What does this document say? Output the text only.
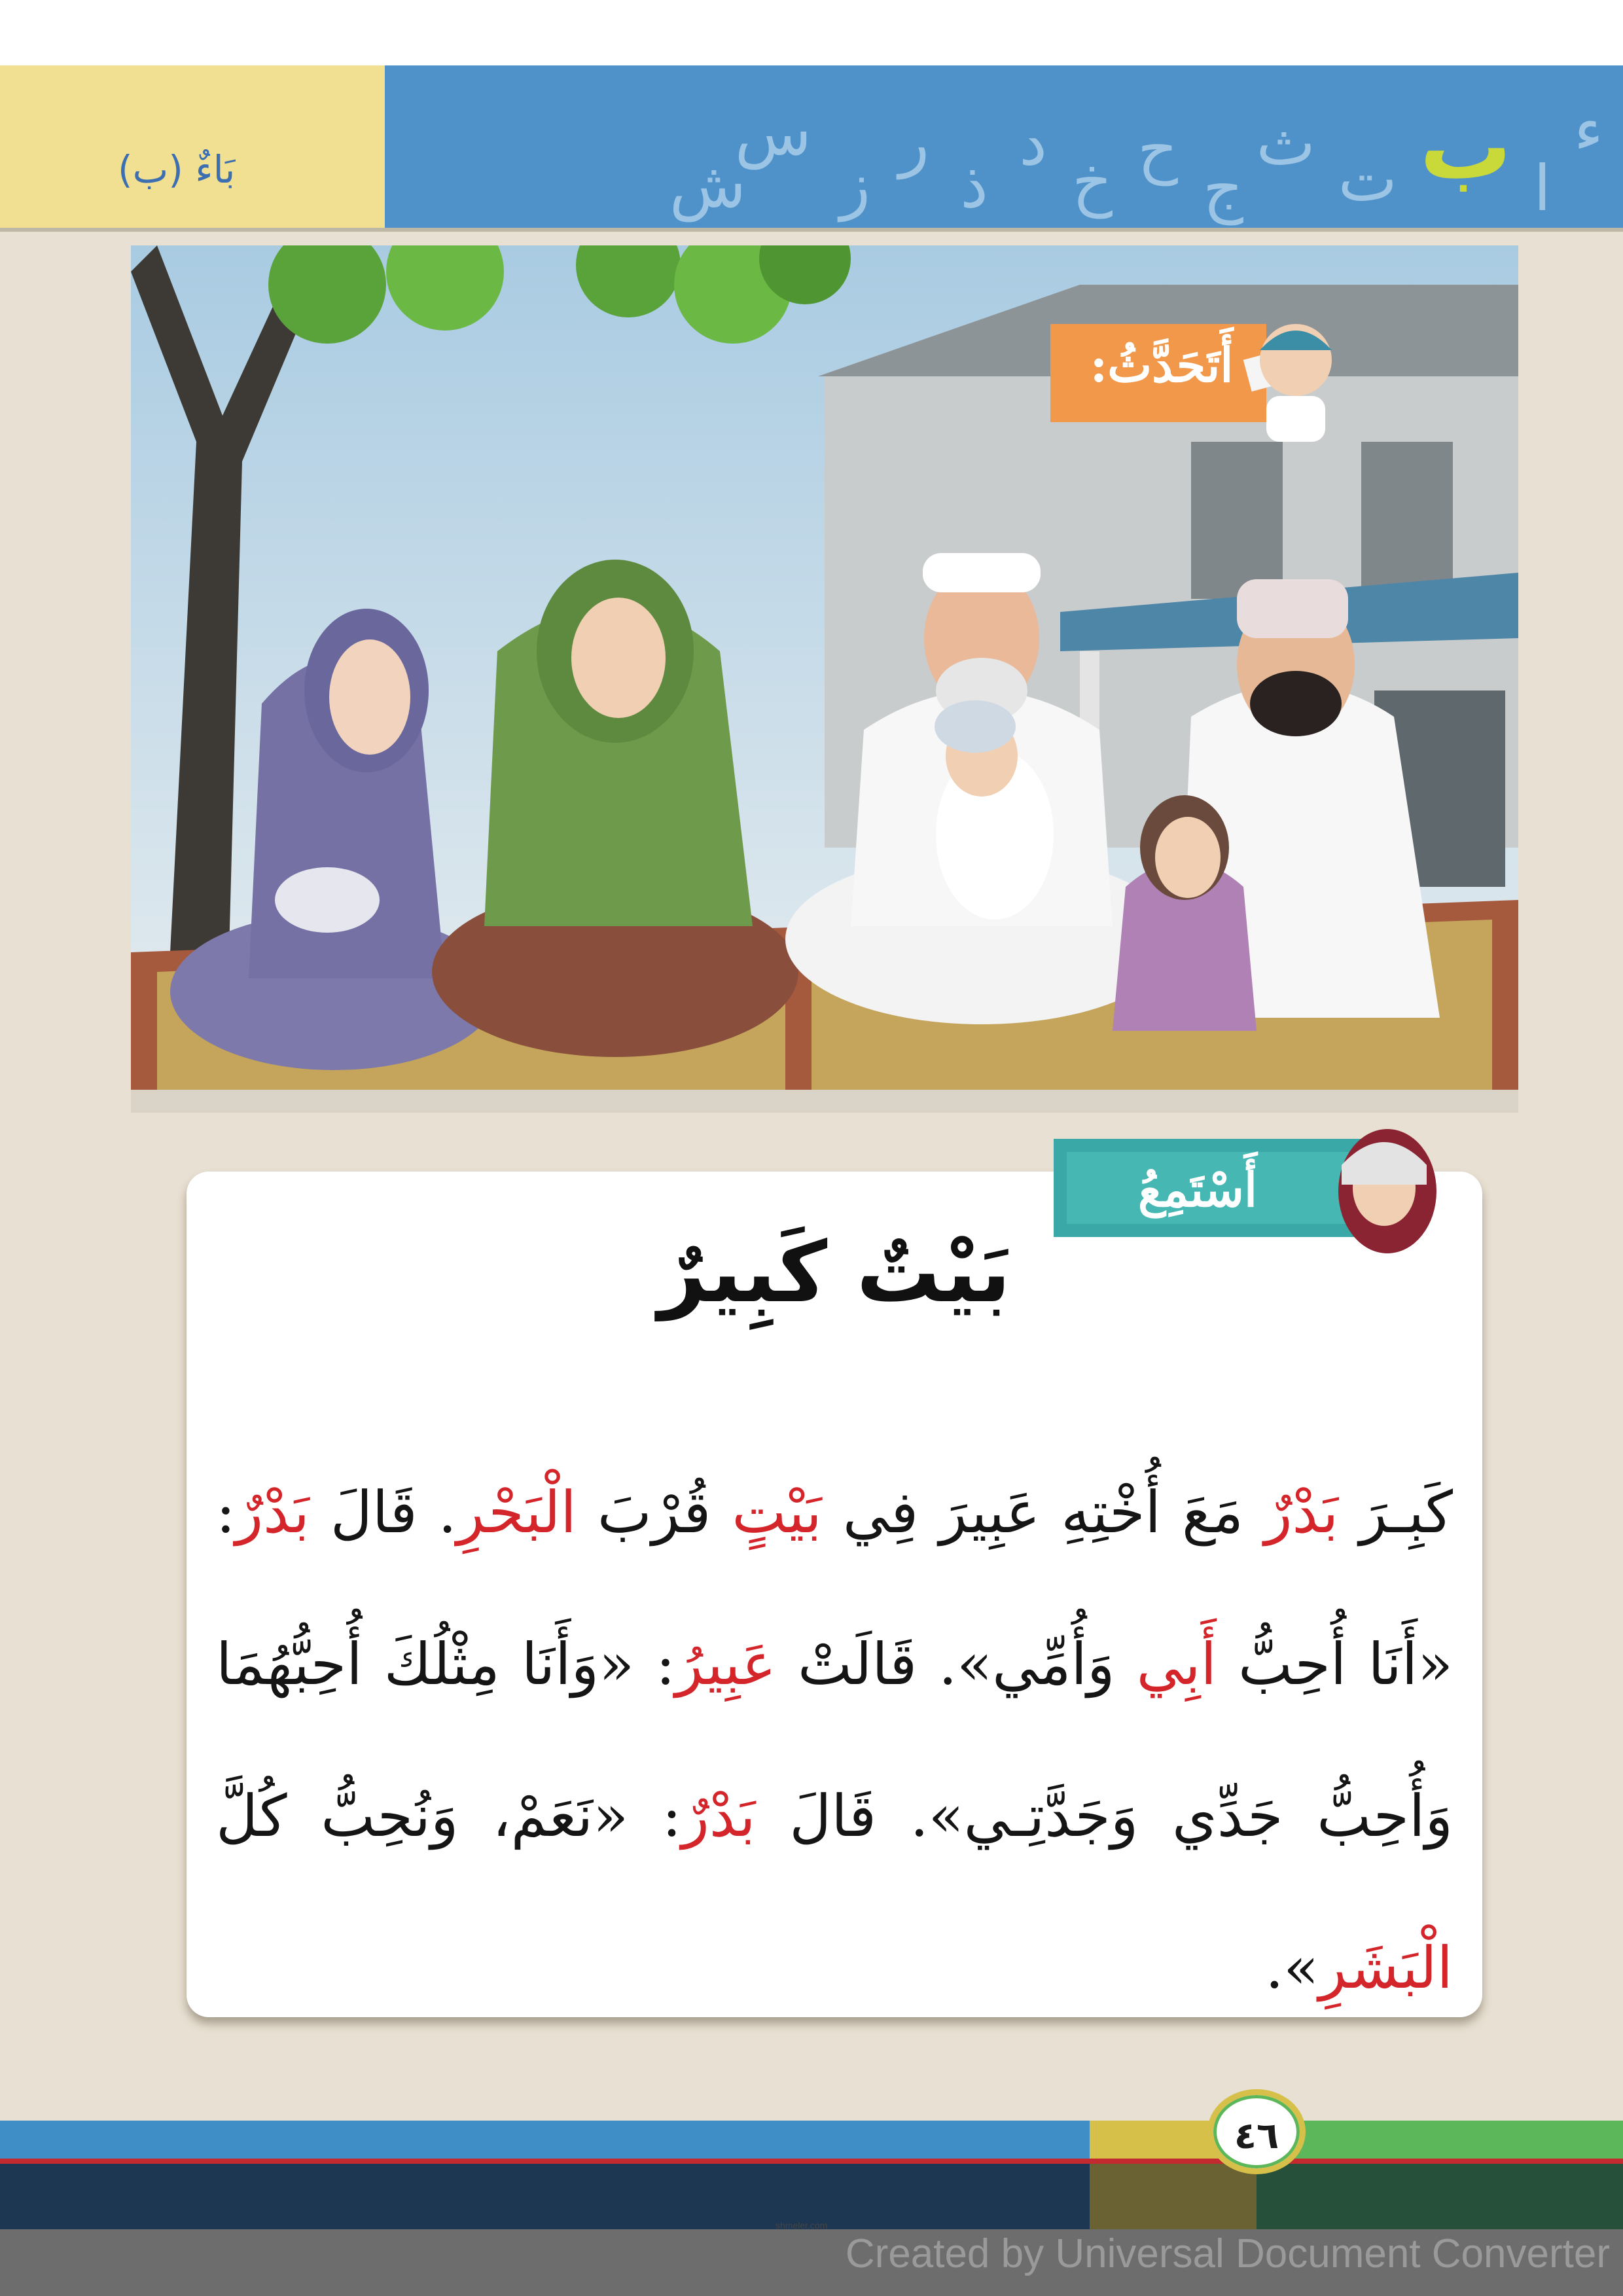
بَاءٌ (ب)
ء
ا
ب
ت
ث
ج
ح
خ
د
ذ
ر
ز
س
ش
أَتَحَدَّثُ:
أَسْتَمِعُ
بَيْتٌ كَبِيرٌ
كَبِـرَ بَدْرٌ مَعَ أُخْتِهِ عَبِيرَ فِي بَيْتٍ قُرْبَ الْبَحْرِ. قَالَ بَدْرٌ: «أَنَا أُحِبُّ أَبِي وَأُمِّي». قَالَتْ عَبِيرُ: «وَأَنَا مِثْلُكَ أُحِبُّهُمَا وَأُحِبُّ جَدِّي وَجَدَّتِـي». قَالَ بَدْرٌ: «نَعَمْ، وَنُحِبُّ كُلَّ الْبَشَرِ».
٤٦
shmeler.com
Created by Universal Document Converter
